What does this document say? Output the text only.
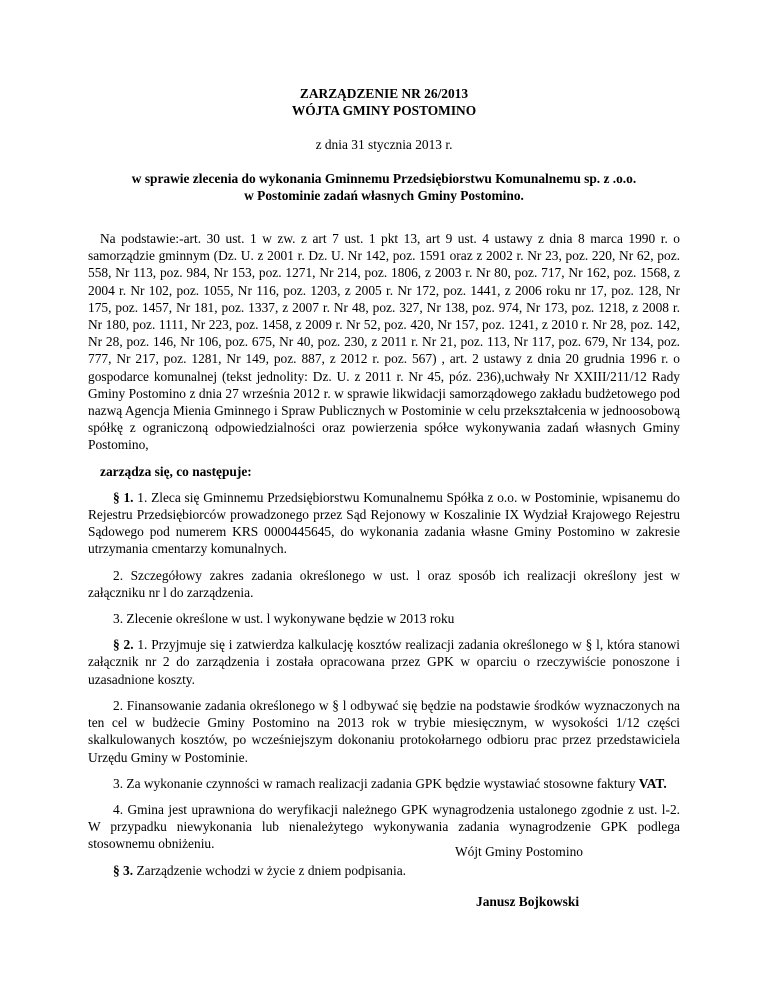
ZARZĄDZENIE NR 26/2013

WÓJTA GMINY POSTOMINO

z dnia 31 stycznia 2013 r.

w sprawie zlecenia do wykonania Gminnemu Przedsiębiorstwu Komunalnemu sp. z .o.o.
w Postominie zadań własnych Gminy Postomino.

Na podstawie:-art. 30 ust. 1 w zw. z art 7 ust. 1 pkt 13, art 9 ust. 4 ustawy z dnia 8 marca 1990 r. o samorządzie gminnym (Dz. U. z 2001 r. Dz. U. Nr 142, poz. 1591 oraz z 2002 r. Nr 23, poz. 220, Nr 62, poz. 558, Nr 113, poz. 984, Nr 153, poz. 1271, Nr 214, poz. 1806, z 2003 r. Nr 80, poz. 717, Nr 162, poz. 1568, z 2004 r. Nr 102, poz. 1055, Nr 116, poz. 1203, z 2005 r. Nr 172, poz. 1441, z 2006 roku nr 17, poz. 128, Nr 175, poz. 1457, Nr 181, poz. 1337, z 2007 r. Nr 48, poz. 327, Nr 138, poz. 974, Nr 173, poz. 1218, z 2008 r. Nr 180, poz. 1111, Nr 223, poz. 1458, z 2009 r. Nr 52, poz. 420, Nr 157, poz. 1241, z 2010 r. Nr 28, poz. 142, Nr 28, poz. 146, Nr 106, poz. 675, Nr 40, poz. 230, z 2011 r. Nr 21, poz. 113, Nr 117, poz. 679, Nr 134, poz. 777, Nr 217, poz. 1281, Nr 149, poz. 887, z 2012 r. poz. 567) , art. 2 ustawy z dnia 20 grudnia 1996 r. o gospodarce komunalnej (tekst jednolity: Dz. U. z 2011 r. Nr 45, póz. 236),uchwały Nr XXIII/211/12 Rady Gminy Postomino z dnia 27 września 2012 r. w sprawie likwidacji samorządowego zakładu budżetowego pod nazwą Agencja Mienia Gminnego i Spraw Publicznych w Postominie w celu przekształcenia w jednoosobową spółkę z ograniczoną odpowiedzialności oraz powierzenia spółce wykonywania zadań własnych Gminy Postomino,

zarządza się, co następuje:

§ 1. 1. Zleca się Gminnemu Przedsiębiorstwu Komunalnemu Spółka z o.o. w Postominie, wpisanemu do Rejestru Przedsiębiorców prowadzonego przez Sąd Rejonowy w Koszalinie IX Wydział Krajowego Rejestru Sądowego pod numerem KRS 0000445645, do wykonania zadania własne Gminy Postomino w zakresie utrzymania cmentarzy komunalnych.

2. Szczegółowy zakres zadania określonego w ust. l oraz sposób ich realizacji określony jest w załączniku nr l do zarządzenia.

3. Zlecenie określone w ust. l wykonywane będzie w 2013 roku

§ 2. 1. Przyjmuje się i zatwierdza kalkulację kosztów realizacji zadania określonego w § l, która stanowi załącznik nr 2 do zarządzenia i została opracowana przez GPK w oparciu o rzeczywiście ponoszone i uzasadnione koszty.

2. Finansowanie zadania określonego w § l odbywać się będzie na podstawie środków wyznaczonych na ten cel w budżecie Gminy Postomino na 2013 rok w trybie miesięcznym, w wysokości 1/12 części skalkulowanych kosztów, po wcześniejszym dokonaniu protokołarnego odbioru prac przez przedstawiciela Urzędu Gminy w Postominie.

3. Za wykonanie czynności w ramach realizacji zadania GPK będzie wystawiać stosowne faktury VAT.

4. Gmina jest uprawniona do weryfikacji należnego GPK wynagrodzenia ustalonego zgodnie z ust. l-2. W przypadku niewykonania lub nienależytego wykonywania zadania wynagrodzenie GPK podlega stosownemu obniżeniu.

§ 3. Zarządzenie wchodzi w życie z dniem podpisania.

Wójt Gminy Postomino

Janusz Bojkowski
